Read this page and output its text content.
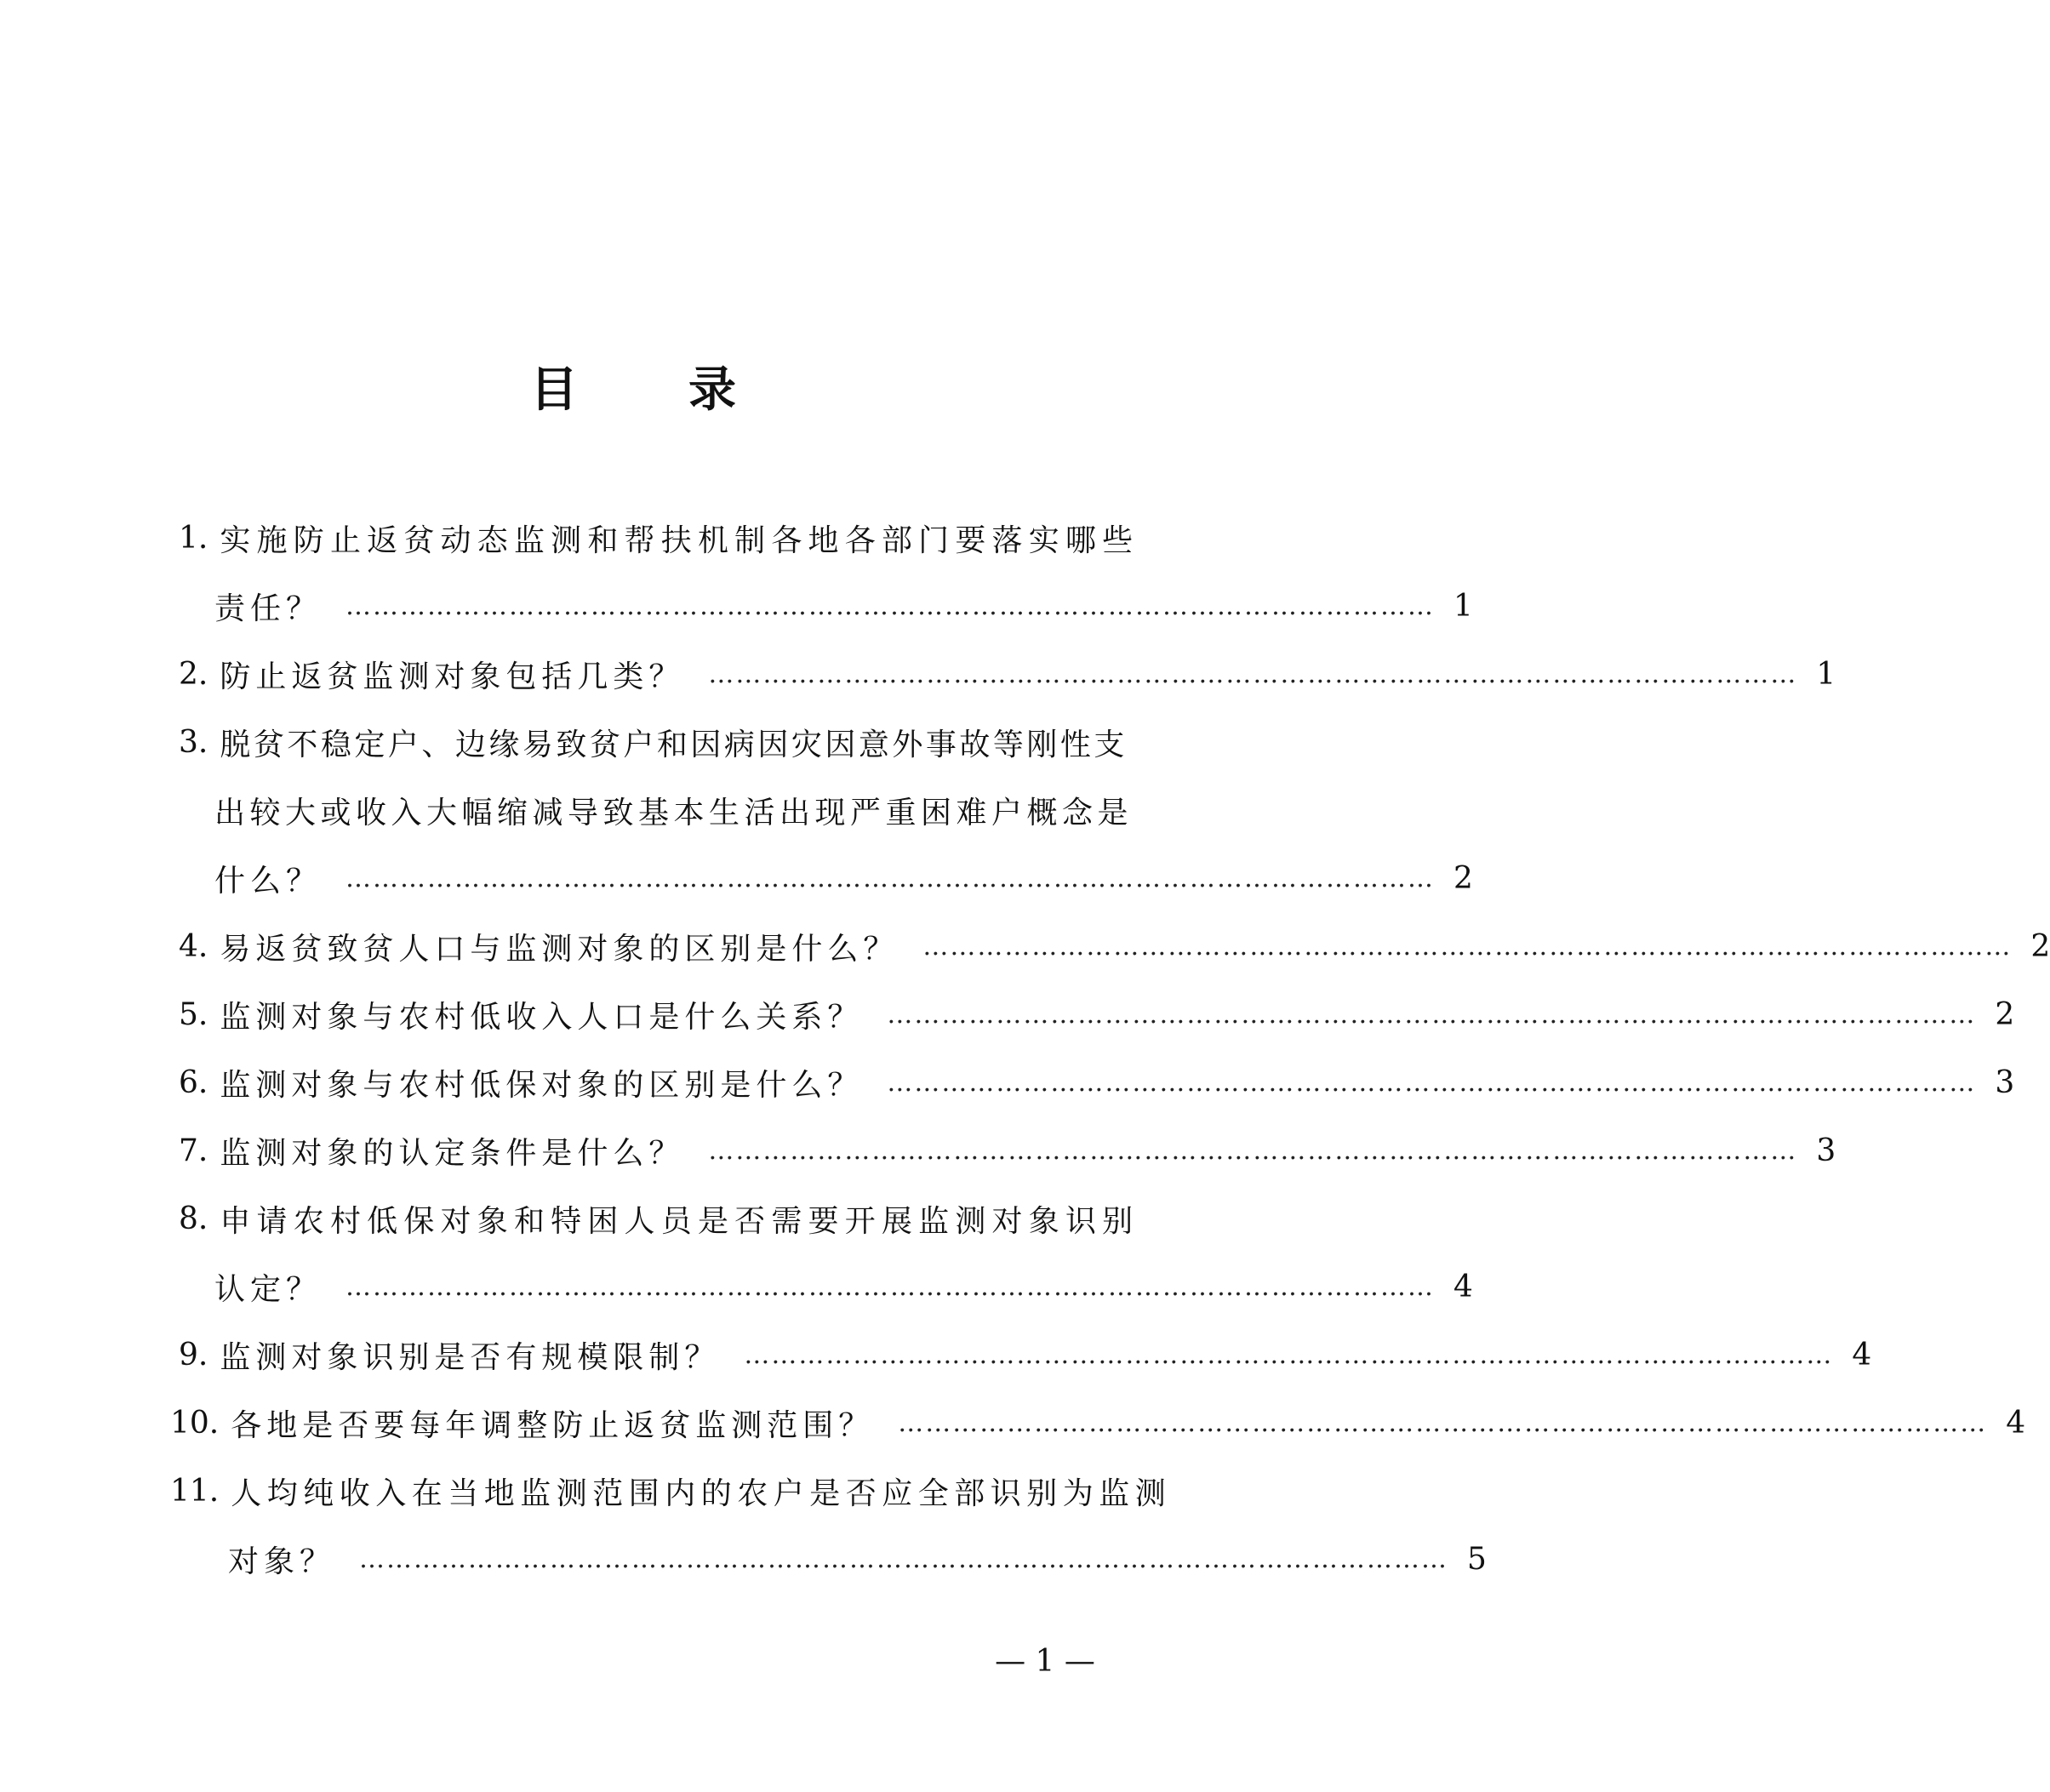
目 录
1. 实施防止返贫动态监测和帮扶机制各地各部门要落实哪些
责任？ ………………………………………………………………………………………………………… 1
2. 防止返贫监测对象包括几类？ ………………………………………………………………………………………………………… 1
3. 脱贫不稳定户、边缘易致贫户和因病因灾因意外事故等刚性支
出较大或收入大幅缩减导致基本生活出现严重困难户概念是
什么？ ………………………………………………………………………………………………………… 2
4. 易返贫致贫人口与监测对象的区别是什么？ ………………………………………………………………………………………………………… 2
5. 监测对象与农村低收入人口是什么关系？ ………………………………………………………………………………………………………… 2
6. 监测对象与农村低保对象的区别是什么？ ………………………………………………………………………………………………………… 3
7. 监测对象的认定条件是什么？ ………………………………………………………………………………………………………… 3
8. 申请农村低保对象和特困人员是否需要开展监测对象识别
认定？ ………………………………………………………………………………………………………… 4
9. 监测对象识别是否有规模限制？ ………………………………………………………………………………………………………… 4
10. 各地是否要每年调整防止返贫监测范围？ ………………………………………………………………………………………………………… 4
11. 人均纯收入在当地监测范围内的农户是否应全部识别为监测
对象？ ………………………………………………………………………………………………………… 5
— 1 —
